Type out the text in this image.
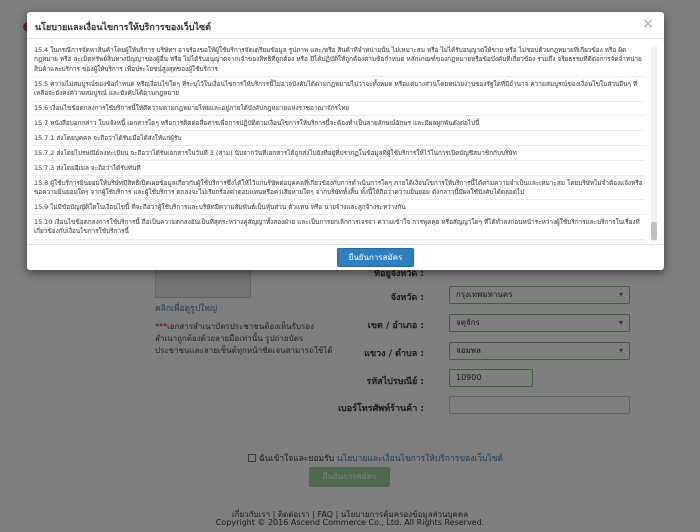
นโยบายและเงื่อนไขการให้บริการของเว็บไซต์	×
15.4 ในกรณีการจัดหาสินค้าโดยผู้ให้บริการ บริษัทฯ อาจร้องขอให้ผู้ใช้บริการจัดเตรียมข้อมูล รูปภาพ และ/หรือ สินค้าที่จำหน่ายนั้น ไม่เหมาะสม หรือ ไม่ได้รับอนุญาตให้ขาย หรือ ไม่ชอบด้วยกฎหมายที่เกี่ยวข้อง หรือ ผิดกฎหมาย หรือ ละเมิดทรัพย์สินทางปัญญาของผู้อื่น หรือ ไม่ได้รับอนุญาตจากเจ้าของสิทธิที่ถูกต้อง หรือ มีได้ปฏิบัติให้ถูกต้องตามข้อกำหนด หลักเกณฑ์ของกฎหมายหรือข้อบังคับที่เกี่ยวข้อง รวมถึง จริยธรรมที่ดีต่อการจัดจำหน่ายสินค้าและบริการ ของผู้ให้บริการ เพื่อประโยชน์สูงสุดของผู้ใช้บริการ
15.5 ความไม่สมบูรณ์ของข้อกำหนด หรือเงื่อนไขใดๆ ที่ระบุไว้ในเงื่อนไขการให้บริการนี้ไม่อาจบังคับได้ตามกฎหมายไม่ว่าจะทั้งหมด หรือแต่บางส่วนโดยหน่วยงานของรัฐใดที่มีอำนาจ ความสมบูรณ์ของเงื่อนไขในส่วนอื่นๆ ที่เหลือจะยังคงความสมบูรณ์ และบังคับได้ตามกฎหมาย
15.6 เงื่อนไขข้อตกลงการใช้บริการนี้ให้ตีความตามกฎหมายไทยและอยู่ภายใต้บังคับกฎหมายแห่งราชอาณาจักรไทย
15.7 หนังสือบอกกล่าว ใบแจ้งหนี้ เอกสารใดๆ หรือการติดต่อสื่อสารเพื่อการปฏิบัติตามเงื่อนไขการให้บริการนี้จะต้องทำเป็นลายลักษณ์อักษร และมีผลผูกพันดังต่อไปนี้
15.7.1 ส่งโดยบุคคล จะถือว่าได้รับเมื่อได้ส่งให้แก่ผู้รับ
15.7.2 ส่งโดยไปรษณีย์ลงทะเบียน จะถือว่าได้รับเอกสารในวันที่ 3 (สาม) นับจากวันที่เอกสารได้ถูกส่งไปยังที่อยู่ที่ปรากฏในข้อมูลที่ผู้ใช้บริการให้ไว้ในการเปิดบัญชีสมาชิกกับบริษัท
15.7.3 ส่งโดยอีเมล จะถือว่าได้รับทันที
15.8 ผู้ใช้บริการยินยอมให้บริษัทมีสิทธิเปิดเผยข้อมูลเกี่ยวกับผู้ใช้บริการซึ่งได้ให้ไว้แก่บริษัทต่อบุคคลที่เกี่ยวข้องกับการดำเนินการใดๆ ภายใต้เงื่อนไขการให้บริการนี้ได้ตามความจำเป็นและเหมาะสม โดยบริษัทไม่จำต้องแจ้งหรือขอความยินยอมใดๆ จากผู้ใช้บริการ และผู้ใช้บริการ ตกลงจะไม่เรียกร้องค่าตอบแทนหรือค่าเสียหายใดๆ จากบริษัททั้งสิ้น ทั้งนี้ให้ถือว่าความยินยอม ดังกล่าวนี้มีผลใช้บังคับได้ตลอดไป
15.9 ไม่มีข้อบัญญัติใดในเงื่อนไขนี้ ที่จะถือว่าผู้ใช้บริการและบริษัทมีความสัมพันธ์เป็นหุ้นส่วน ตัวแทน หรือ นายจ้างและลูกจ้างระหว่างกัน
15.10 เงื่อนไขข้อตกลงการใช้บริการนี้ ถือเป็นความตกลงอันเป็นที่สุดระหว่างคู่สัญญาทั้งสองฝ่าย และเป็นการยกเลิกการเจรจา ความเข้าใจ การพูดคุย หรือสัญญาใดๆ ที่ได้ทำลงก่อนหน้าระหว่างผู้ใช้บริการและบริการในเรื่องที่เกี่ยวข้องกับเงื่อนไขการใช้บริการนี้
ยืนยันการสมัคร
